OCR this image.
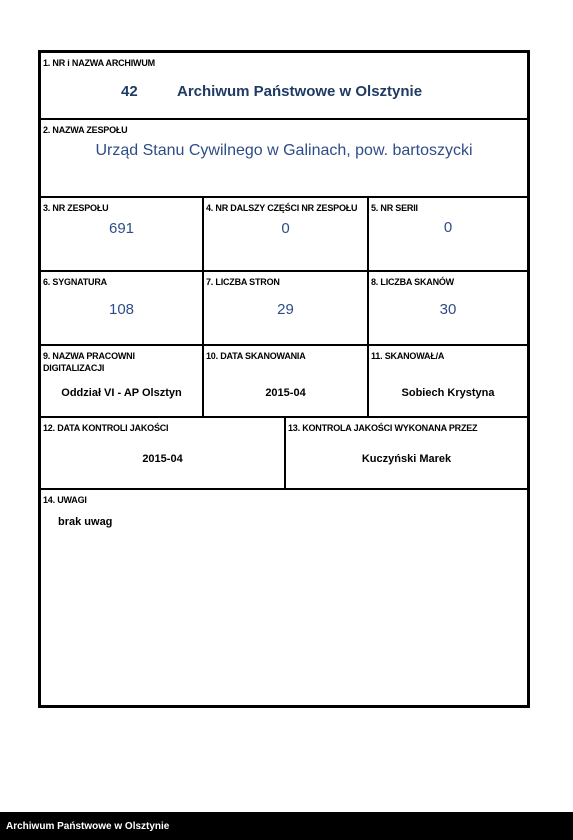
1. NR i NAZWA ARCHIWUM
42	Archiwum Państwowe w Olsztynie
2. NAZWA ZESPOŁU
Urząd Stanu Cywilnego w Galinach, pow. bartoszycki
3. NR ZESPOŁU
691
4. NR DALSZY CZĘŚCI NR ZESPOŁU
0
5. NR SERII
0
6. SYGNATURA
108
7. LICZBA STRON
29
8. LICZBA SKANÓW
30
9. NAZWA PRACOWNI DIGITALIZACJI
Oddział VI - AP Olsztyn
10. DATA SKANOWANIA
2015-04
11. SKANOWAŁ/A
Sobiech Krystyna
12. DATA KONTROLI JAKOŚCI
2015-04
13. KONTROLA JAKOŚCI WYKONANA PRZEZ
Kuczyński Marek
14. UWAGI
brak uwag
Archiwum Państwowe w Olsztynie
